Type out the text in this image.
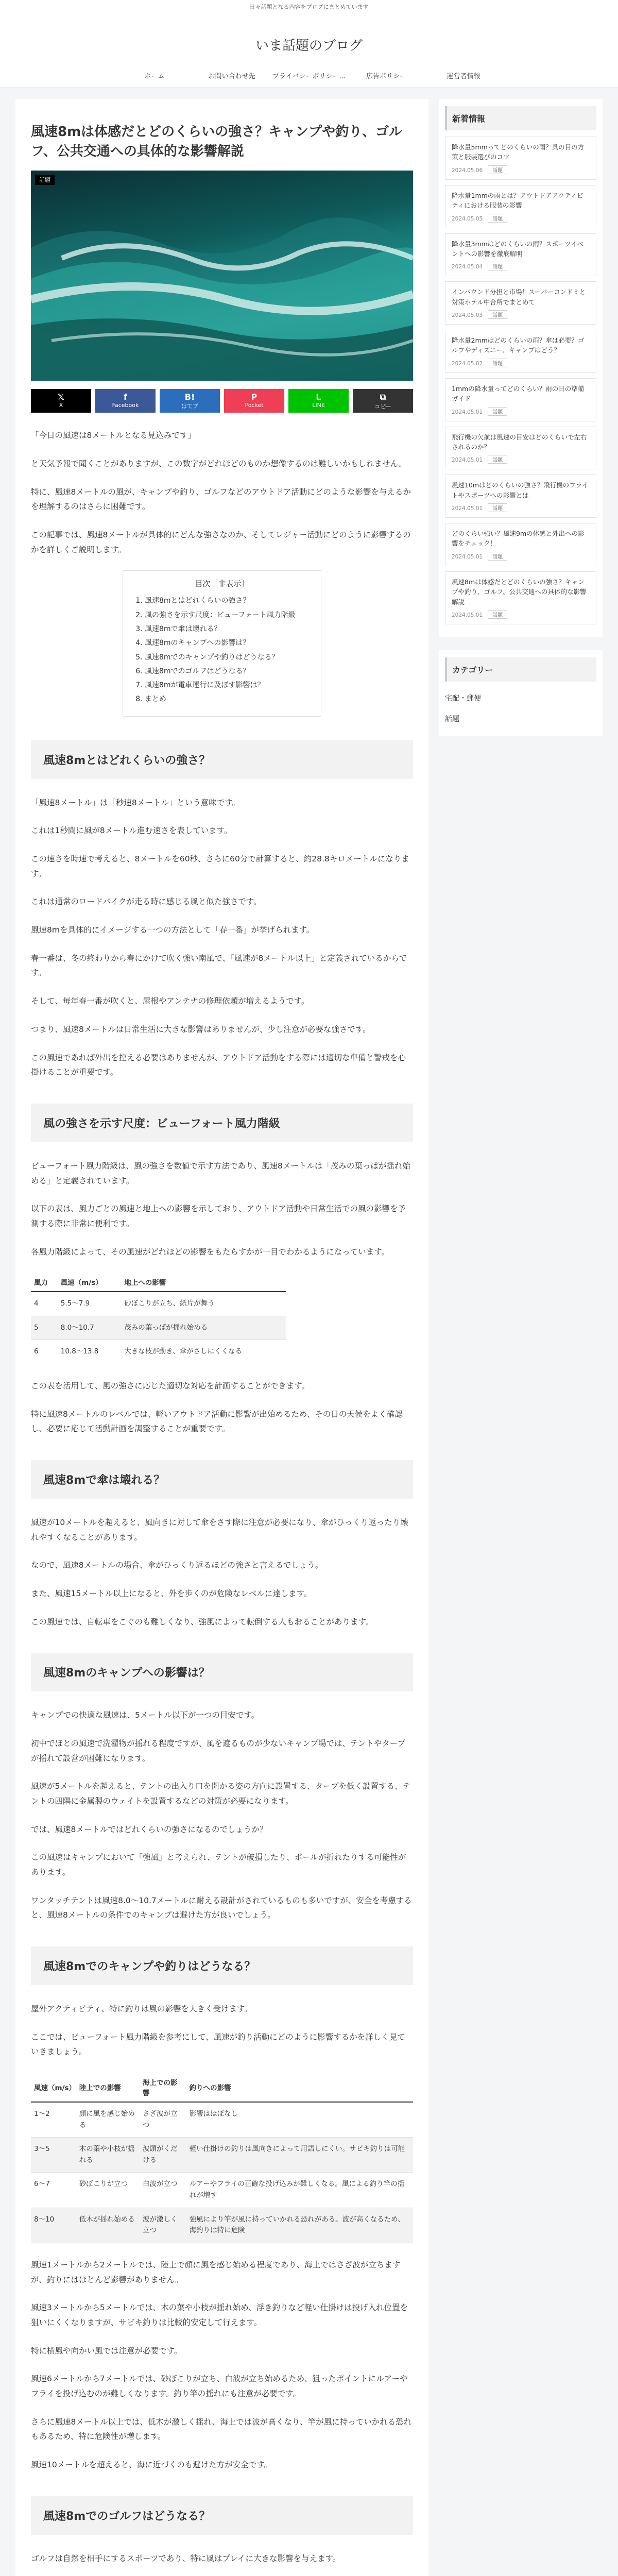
日々話題となる内容をブログにまとめています
いま話題のブログ
ホーム	お問い合わせ先	プライバシーポリシー...	広告ポリシー	運営者情報
風速8mは体感だとどのくらいの強さ？キャンプや釣り、ゴルフ、公共交通への具体的な影響解説
話題
𝕏
X
f
Facebook
B!
はてブ
P
Pocket
L
LINE
⧉
コピー

「今日の風速は8メートルとなる見込みです」

と天気予報で聞くことがありますが、この数字がどれほどのものか想像するのは難しいかもしれません。

特に、風速8メートルの風が、キャンプや釣り、ゴルフなどのアウトドア活動にどのような影響を与えるかを理解するのはさらに困難です。

この記事では、風速8メートルが具体的にどんな強さなのか、そしてレジャー活動にどのように影響するのかを詳しくご説明します。

目次［非表示］
1. 風速8mとはどれくらいの強さ？
2. 風の強さを示す尺度：ビューフォート風力階級
3. 風速8mで傘は壊れる？
4. 風速8mのキャンプへの影響は？
5. 風速8mでのキャンプや釣りはどうなる？
6. 風速8mでのゴルフはどうなる？
7. 風速8mが電車運行に及ぼす影響は？
8. まとめ
風速8mとはどれくらいの強さ？

「風速8メートル」は「秒速8メートル」という意味です。

これは1秒間に風が8メートル進む速さを表しています。

この速さを時速で考えると、8メートルを60秒、さらに60分で計算すると、約28.8キロメートルになります。

これは通常のロードバイクが走る時に感じる風と似た強さです。

風速8mを具体的にイメージする一つの方法として「春一番」が挙げられます。

春一番は、冬の終わりから春にかけて吹く強い南風で、「風速が8メートル以上」と定義されているからです。

そして、毎年春一番が吹くと、屋根やアンテナの修理依頼が増えるようです。

つまり、風速8メートルは日常生活に大きな影響はありませんが、少し注意が必要な強さです。

この風速であれば外出を控える必要はありませんが、アウトドア活動をする際には適切な準備と警戒を心掛けることが重要です。

風の強さを示す尺度：ビューフォート風力階級

ビューフォート風力階級は、風の強さを数値で示す方法であり、風速8メートルは「茂みの葉っぱが揺れ始める」と定義されています。

以下の表は、風力ごとの風速と地上への影響を示しており、アウトドア活動や日常生活での風の影響を予測する際に非常に便利です。

各風力階級によって、その風速がどれほどの影響をもたらすかが一目でわかるようになっています。

風力	風速（m/s）	地上への影響
4	5.5〜7.9	砂ぼこりが立ち、紙片が舞う
5	8.0〜10.7	茂みの葉っぱが揺れ始める
6	10.8〜13.8	大きな枝が動き、傘がさしにくくなる

この表を活用して、風の強さに応じた適切な対応を計画することができます。

特に風速8メートルのレベルでは、軽いアウトドア活動に影響が出始めるため、その日の天候をよく確認し、必要に応じて活動計画を調整することが重要です。

風速8mで傘は壊れる？

風速が10メートルを超えると、風向きに対して傘をさす際に注意が必要になり、傘がひっくり返ったり壊れやすくなることがあります。

なので、風速8メートルの場合、傘がひっくり返るほどの強さと言えるでしょう。

また、風速15メートル以上になると、外を歩くのが危険なレベルに達します。

この風速では、自転車をこぐのも難しくなり、強風によって転倒する人もおることがあります。

風速8mのキャンプへの影響は？

キャンプでの快適な風速は、5メートル以下が一つの目安です。

初中でほとの風速で洗濯物が揺れる程度ですが、風を遮るものが少ないキャンプ場では、テントやタープが揺れて設営が困難になります。

風速が5メートルを超えると、テントの出入り口を開かる姿の方向に設置する、タープを低く設置する、テントの四隅に金属製のウェイトを設置するなどの対策が必要になります。

では、風速8メートルではどれくらいの強さになるのでしょうか？

この風速はキャンプにおいて「強風」と考えられ、テントが破損したり、ポールが折れたりする可能性があります。

ワンタッチテントは風速8.0〜10.7メートルに耐える設計がされているものも多いですが、安全を考慮すると、風速8メートルの条件でのキャンプは避けた方が良いでしょう。

風速8mでのキャンプや釣りはどうなる？

屋外アクティビティ、特に釣りは風の影響を大きく受けます。

ここでは、ビューフォート風力階級を参考にして、風速が釣り活動にどのように影響するかを詳しく見ていきましょう。

風速（m/s）	陸上での影響	海上での影響	釣りへの影響
1〜2	顔に風を感じ始める	さざ波が立つ	影響はほぼなし
3〜5	木の葉や小枝が揺れる	波頭がくだける	軽い仕掛けの釣りは風向きによって用語しにくい。サビキ釣りは可能
6〜7	砂ぼこりが立つ	白波が立つ	ルアーやフライの正確な投げ込みが難しくなる。風による釣り竿の揺れが増す
8〜10	低木が揺れ始める	波が激しく立つ	強風により竿が風に持っていかれる恐れがある。波が高くなるため、海釣りは特に危険

風速1メートルから2メートルでは、陸上で顔に風を感じ始める程度であり、海上ではさざ波が立ちますが、釣りにはほとんど影響がありません。

風速3メートルから5メートルでは、木の葉や小枝が揺れ始め、浮き釣りなど軽い仕掛けは投げ入れ位置を狙いにくくなりますが、サビキ釣りは比較的安定して行えます。

特に横風や向かい風では注意が必要です。

風速6メートルから7メートルでは、砂ぼこりが立ち、白波が立ち始めるため、狙ったポイントにルアーやフライを投げ込むのが難しくなります。釣り竿の揺れにも注意が必要です。

さらに風速8メートル以上では、低木が激しく揺れ、海上では波が高くなり、竿が風に持っていかれる恐れもあるため、特に危険性が増します。

風速10メートルを超えると、海に近づくのも避けた方が安全です。

風速8mでのゴルフはどうなる？

ゴルフは自然を相手にするスポーツであり、特に風はプレイに大きな影響を与えます。

新着情報
降水量5mmってどのくらいの雨？具の目の方策と服装選びのコツ
2024.05.06 話題
降水量1mmの雨とは？アウトドアアクティビティにおける服装の影響
2024.05.05 話題
降水量3mmはどのくらいの雨？スポーツイベントへの影響を徹底解明！
2024.05.04 話題
インバウンド分担と市場！スーパーコンドミと対策ホテル中合所でまとめて
2024.05.03 話題
降水量2mmはどのくらいの雨？傘は必要？ゴルフやディズニー、キャンプはどう？
2024.05.02 話題
1mmの降水量ってどのくらい？雨の日の準備ガイド
2024.05.01 話題
飛行機の欠航は風速の目安はどのくらいで左右されるのか？
2024.05.01 話題
風速10mはどのくらいの強さ？飛行機のフライトやスポーツへの影響とは
2024.05.01 話題
どのくらい強い？風速9mの体感と外出への影響をチェック！
2024.05.01 話題
風速8mは体感だとどのくらいの強さ？キャンプや釣り、ゴルフ、公共交通への具体的な影響解説
2024.05.01 話題
カテゴリー
宅配・郵便
話題
